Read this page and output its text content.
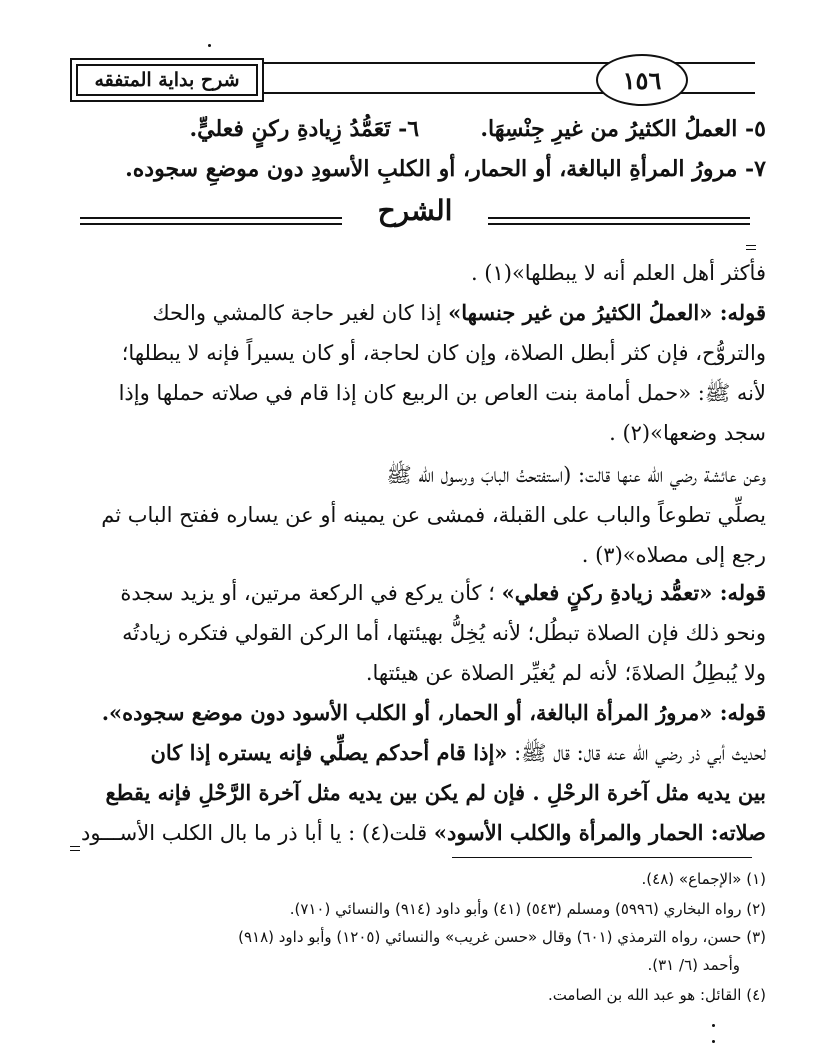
شرح بداية المتفقه	١٥٦
٥- العملُ الكثيرُ من غيرِ جِنْسِهَا.        ٦- تَعَمُّدُ زِيادةِ ركنٍ فعليٍّ.
٧- مرورُ المرأةِ البالغة، أو الحمار، أو الكلبِ الأسودِ دون موضعِ سجوده.
الشرح
فأكثر أهل العلم أنه لا يبطلها»(١) .
قوله: «العملُ الكثيرُ من غير جنسها» إذا كان لغير حاجة كالمشي والحك
والتروُّح، فإن كثر أبطل الصلاة، وإن كان لحاجة، أو كان يسيراً فإنه لا يبطلها؛
لأنه ﷺ: «حمل أمامة بنت العاص بن الربيع كان إذا قام في صلاته حملها وإذا
سجد وضعها»(٢) .
وعن عائشة رضي الله عنها قالت: (استفتحتُ البابَ ورسول الله ﷺ
يصلِّي تطوعاً والباب على القبلة، فمشى عن يمينه أو عن يساره ففتح الباب ثم
رجع إلى مصلاه»(٣) .
قوله: «تعمُّد زيادةِ ركنٍ فعلي» ؛ كأن يركع في الركعة مرتين، أو يزيد سجدة
ونحو ذلك فإن الصلاة تبطُل؛ لأنه يُخِلُّ بهيئتها، أما الركن القولي فتكره زيادتُه
ولا يُبطِلُ الصلاةَ؛ لأنه لم يُغيِّر الصلاة عن هيئتها.
قوله: «مرورُ المرأة البالغة، أو الحمار، أو الكلب الأسود دون موضع سجوده».
لحديث أبي ذر رضي الله عنه قال: قال ﷺ: «إذا قام أحدكم يصلِّي فإنه يستره إذا كان
بين يديه مثل آخرة الرحْلِ . فإن لم يكن بين يديه مثل آخرة الرَّحْلِ فإنه يقطع
صلاته: الحمار والمرأة والكلب الأسود» قلت(٤) : يا أبا ذر ما بال الكلب الأســـود
(١) «الإجماع» (٤٨).
(٢) رواه البخاري (٥٩٩٦) ومسلم (٥٤٣) (٤١) وأبو داود (٩١٤) والنسائي (٧١٠).
(٣) حسن، رواه الترمذي (٦٠١) وقال «حسن غريب» والنسائي (١٢٠٥) وأبو داود (٩١٨)
وأحمد (٦/ ٣١).
(٤) القائل: هو عبد الله بن الصامت.
